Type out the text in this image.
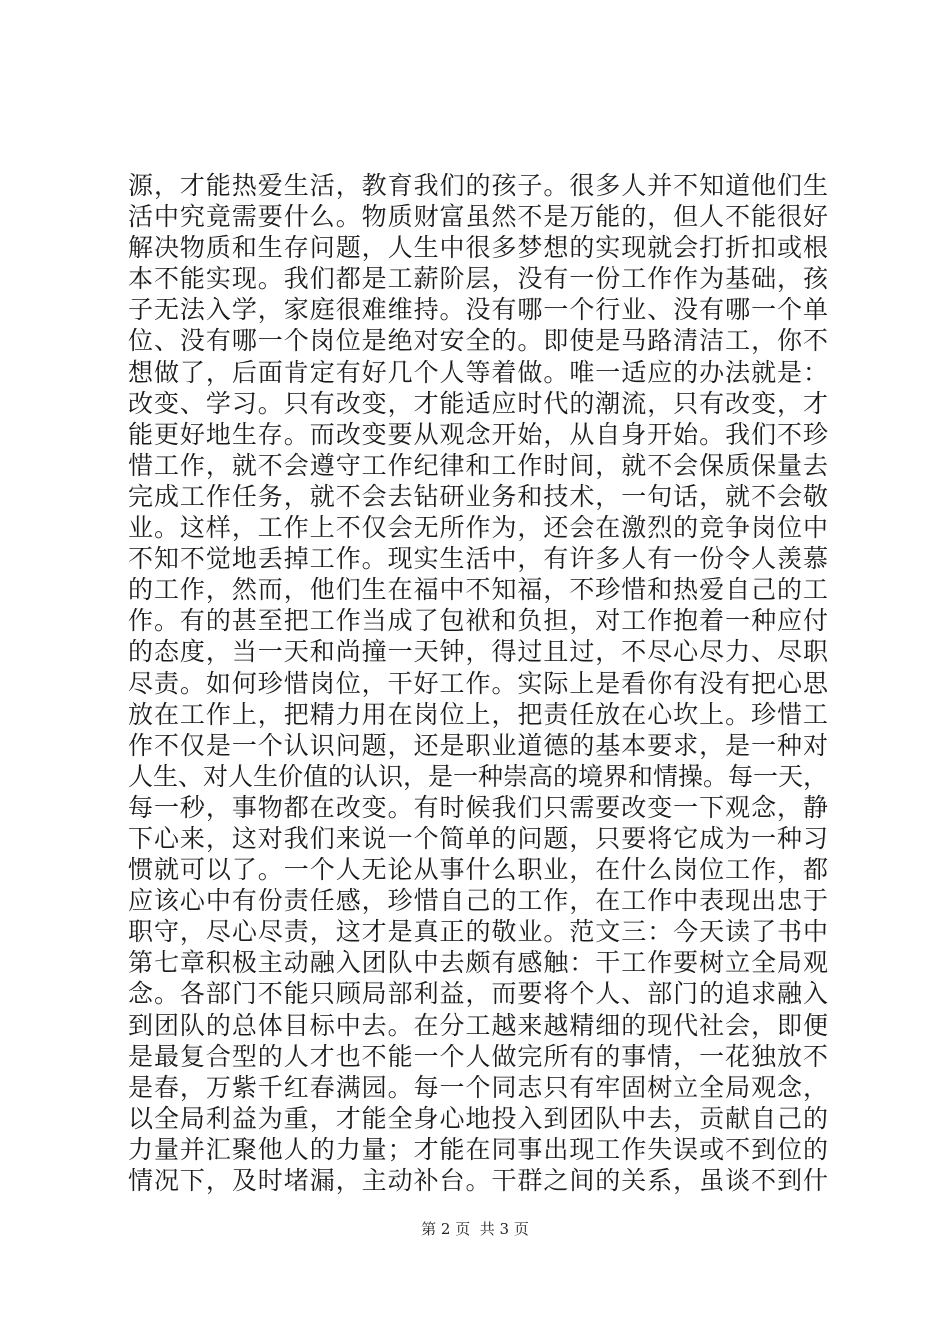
源，才能热爱生活，教育我们的孩子。很多人并不知道他们生
活中究竟需要什么。物质财富虽然不是万能的，但人不能很好
解决物质和生存问题，人生中很多梦想的实现就会打折扣或根
本不能实现。我们都是工薪阶层，没有一份工作作为基础，孩
子无法入学，家庭很难维持。没有哪一个行业、没有哪一个单
位、没有哪一个岗位是绝对安全的。即使是马路清洁工，你不
想做了，后面肯定有好几个人等着做。唯一适应的办法就是：
改变、学习。只有改变，才能适应时代的潮流，只有改变，才
能更好地生存。而改变要从观念开始，从自身开始。我们不珍
惜工作，就不会遵守工作纪律和工作时间，就不会保质保量去
完成工作任务，就不会去钻研业务和技术，一句话，就不会敬
业。这样，工作上不仅会无所作为，还会在激烈的竞争岗位中
不知不觉地丢掉工作。现实生活中，有许多人有一份令人羡慕
的工作，然而，他们生在福中不知福，不珍惜和热爱自己的工
作。有的甚至把工作当成了包袱和负担，对工作抱着一种应付
的态度，当一天和尚撞一天钟，得过且过，不尽心尽力、尽职
尽责。如何珍惜岗位，干好工作。实际上是看你有没有把心思
放在工作上，把精力用在岗位上，把责任放在心坎上。珍惜工
作不仅是一个认识问题，还是职业道德的基本要求，是一种对
人生、对人生价值的认识，是一种崇高的境界和情操。每一天，
每一秒，事物都在改变。有时候我们只需要改变一下观念，静
下心来，这对我们来说一个简单的问题，只要将它成为一种习
惯就可以了。一个人无论从事什么职业，在什么岗位工作，都
应该心中有份责任感，珍惜自己的工作，在工作中表现出忠于
职守，尽心尽责，这才是真正的敬业。范文三：今天读了书中
第七章积极主动融入团队中去颇有感触：干工作要树立全局观
念。各部门不能只顾局部利益，而要将个人、部门的追求融入
到团队的总体目标中去。在分工越来越精细的现代社会，即便
是最复合型的人才也不能一个人做完所有的事情，一花独放不
是春，万紫千红春满园。每一个同志只有牢固树立全局观念，
以全局利益为重，才能全身心地投入到团队中去，贡献自己的
力量并汇聚他人的力量；才能在同事出现工作失误或不到位的
情况下，及时堵漏，主动补台。干群之间的关系，虽谈不到什
第 2 页  共 3 页
